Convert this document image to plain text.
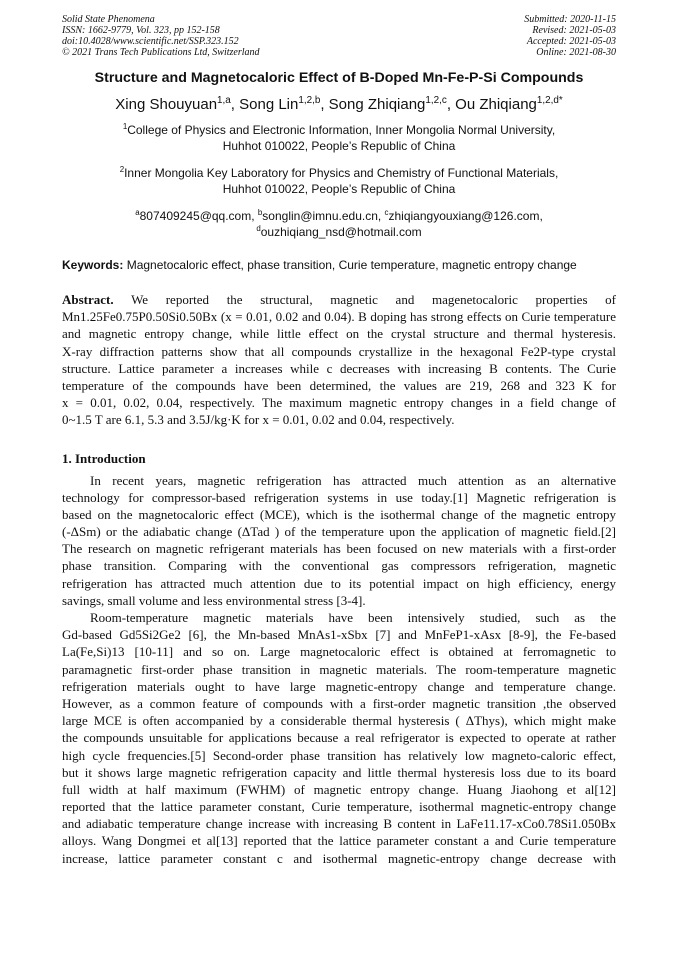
Solid State Phenomena
ISSN: 1662-9779, Vol. 323, pp 152-158
doi:10.4028/www.scientific.net/SSP.323.152
© 2021 Trans Tech Publications Ltd, Switzerland
Submitted: 2020-11-15
Revised: 2021-05-03
Accepted: 2021-05-03
Online: 2021-08-30
Structure and Magnetocaloric Effect of B-Doped Mn-Fe-P-Si Compounds
Xing Shouyuan$^{1,a}$, Song Lin$^{1,2,b}$, Song Zhiqiang$^{1,2,c}$, Ou Zhiqiang$^{1,2,d*}$
$^1$College of Physics and Electronic Information, Inner Mongolia Normal University,
Huhhot 010022, People’s Republic of China
$^2$Inner Mongolia Key Laboratory for Physics and Chemistry of Functional Materials,
Huhhot 010022, People’s Republic of China
$^a$807409245@qq.com, $^b$songlin@imnu.edu.cn, $^c$zhiqiangyouxiang@126.com,
$^d$ouzhiqiang_nsd@hotmail.com
Keywords: Magnetocaloric effect, phase transition, Curie temperature, magnetic entropy change
Abstract. We reported the structural, magnetic and magenetocaloric properties of
Mn1.25Fe0.75P0.50Si0.50Bx (x = 0.01, 0.02 and 0.04). B doping has strong effects on Curie temperature
and magnetic entropy change, while little effect on the crystal structure and thermal hysteresis.
X-ray diffraction patterns show that all compounds crystallize in the hexagonal Fe2P-type crystal
structure. Lattice parameter a increases while c decreases with increasing B contents. The Curie
temperature of the compounds have been determined, the values are 219, 268 and 323 K for
x = 0.01, 0.02, 0.04, respectively. The maximum magnetic entropy changes in a field change of
0~1.5 T are 6.1, 5.3 and 3.5J/kg·K for x = 0.01, 0.02 and 0.04, respectively.
1. Introduction
In recent years, magnetic refrigeration has attracted much attention as an alternative
technology for compressor-based refrigeration systems in use today.[1] Magnetic refrigeration is
based on the magnetocaloric effect (MCE), which is the isothermal change of the magnetic entropy
(-ΔSm) or the adiabatic change (ΔTad ) of the temperature upon the application of magnetic field.[2]
The research on magnetic refrigerant materials has been focused on new materials with a first-order
phase transition. Comparing with the conventional gas compressors refrigeration, magnetic
refrigeration has attracted much attention due to its potential impact on high efficiency, energy
savings, small volume and less environmental stress [3-4].
Room-temperature magnetic materials have been intensively studied, such as the
Gd-based Gd5Si2Ge2 [6], the Mn-based MnAs1-xSbx [7] and MnFeP1-xAsx [8-9], the Fe-based
La(Fe,Si)13 [10-11] and so on. Large magnetocaloric effect is obtained at ferromagnetic to
paramagnetic first-order phase transition in magnetic materials. The room-temperature magnetic
refrigeration materials ought to have large magnetic-entropy change and temperature change.
However, as a common feature of compounds with a first-order magnetic transition ,the observed
large MCE is often accompanied by a considerable thermal hysteresis ( ΔThys), which might make
the compounds unsuitable for applications because a real refrigerator is expected to operate at rather
high cycle frequencies.[5] Second-order phase transition has relatively low magneto-caloric effect,
but it shows large magnetic refrigeration capacity and little thermal hysteresis loss due to its board
full width at half maximum (FWHM) of magnetic entropy change. Huang Jiaohong et al[12]
reported that the lattice parameter constant, Curie temperature, isothermal magnetic-entropy change
and adiabatic temperature change increase with increasing B content in LaFe11.17-xCo0.78Si1.050Bx
alloys. Wang Dongmei et al[13] reported that the lattice parameter constant a and Curie temperature
increase, lattice parameter constant c and isothermal magnetic-entropy change decrease with
